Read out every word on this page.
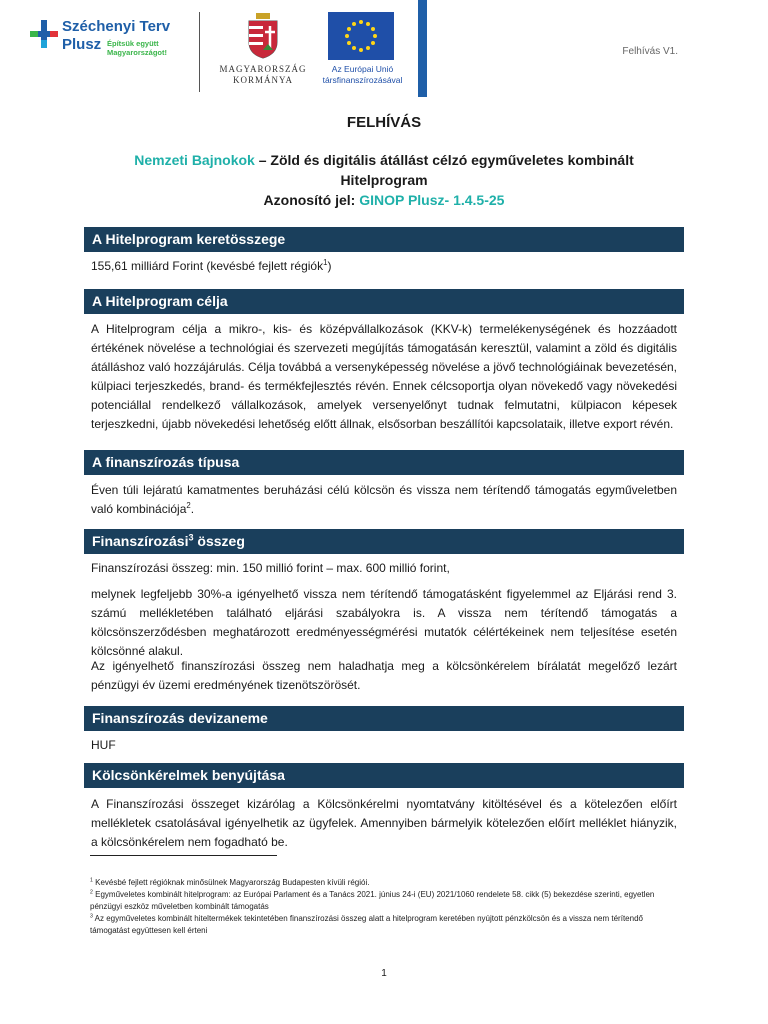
Széchenyi Terv
Plusz Építsük együtt
Magyarországot!
MAGYARORSZÁG
KORMÁNYA
Az Európai Unió
társfinanszírozásával
Felhívás V1.
FELHÍVÁS
Nemzeti Bajnokok – Zöld és digitális átállást célzó egyműveletes kombinált Hitelprogram
Azonosító jel: GINOP Plusz- 1.4.5-25
A Hitelprogram keretösszege
155,61 milliárd Forint (kevésbé fejlett régiók$^1$)
A Hitelprogram célja
A Hitelprogram célja a mikro-, kis- és középvállalkozások (KKV-k) termelékenységének és hozzáadott értékének növelése a technológiai és szervezeti megújítás támogatásán keresztül, valamint a zöld és digitális átálláshoz való hozzájárulás. Célja továbbá a versenyképesség növelése a jövő technológiáinak bevezetésén, külpiaci terjeszkedés, brand- és termékfejlesztés révén. Ennek célcsoportja olyan növekedő vagy növekedési potenciállal rendelkező vállalkozások, amelyek versenyelőnyt tudnak felmutatni, külpiacon képesek terjeszkedni, újabb növekedési lehetőség előtt állnak, elsősorban beszállítói kapcsolataik, illetve export révén.
A finanszírozás típusa
Éven túli lejáratú kamatmentes beruházási célú kölcsön és vissza nem térítendő támogatás egyműveletben való kombinációja$^2$.
Finanszírozási$^3$ összeg
Finanszírozási összeg: min. 150 millió forint – max. 600 millió forint,
melynek legfeljebb 30%-a igényelhető vissza nem térítendő támogatásként figyelemmel az Eljárási rend 3. számú mellékletében található eljárási szabályokra is. A vissza nem térítendő támogatás a kölcsönszerződésben meghatározott eredményességmérési mutatók célértékeinek nem teljesítése esetén kölcsönné alakul.
Az igényelhető finanszírozási összeg nem haladhatja meg a kölcsönkérelem bírálatát megelőző lezárt pénzügyi év üzemi eredményének tizenötszörösét.
Finanszírozás devizaneme
HUF
Kölcsönkérelmek benyújtása
A Finanszírozási összeget kizárólag a Kölcsönkérelmi nyomtatvány kitöltésével és a kötelezően előírt mellékletek csatolásával igényelhetik az ügyfelek. Amennyiben bármelyik kötelezően előírt melléklet hiányzik, a kölcsönkérelem nem fogadható be.
$^1$ Kevésbé fejlett régióknak minősülnek Magyarország Budapesten kívüli régiói.
$^2$ Egyműveletes kombinált hitelprogram: az Európai Parlament és a Tanács 2021. június 24-i (EU) 2021/1060 rendelete 58. cikk (5) bekezdése szerinti, egyetlen pénzügyi eszköz műveletben kombinált támogatás
$^3$ Az egyműveletes kombinált hiteltermékek tekintetében finanszírozási összeg alatt a hitelprogram keretében nyújtott pénzkölcsön és a vissza nem térítendő támogatást együttesen kell érteni
1
